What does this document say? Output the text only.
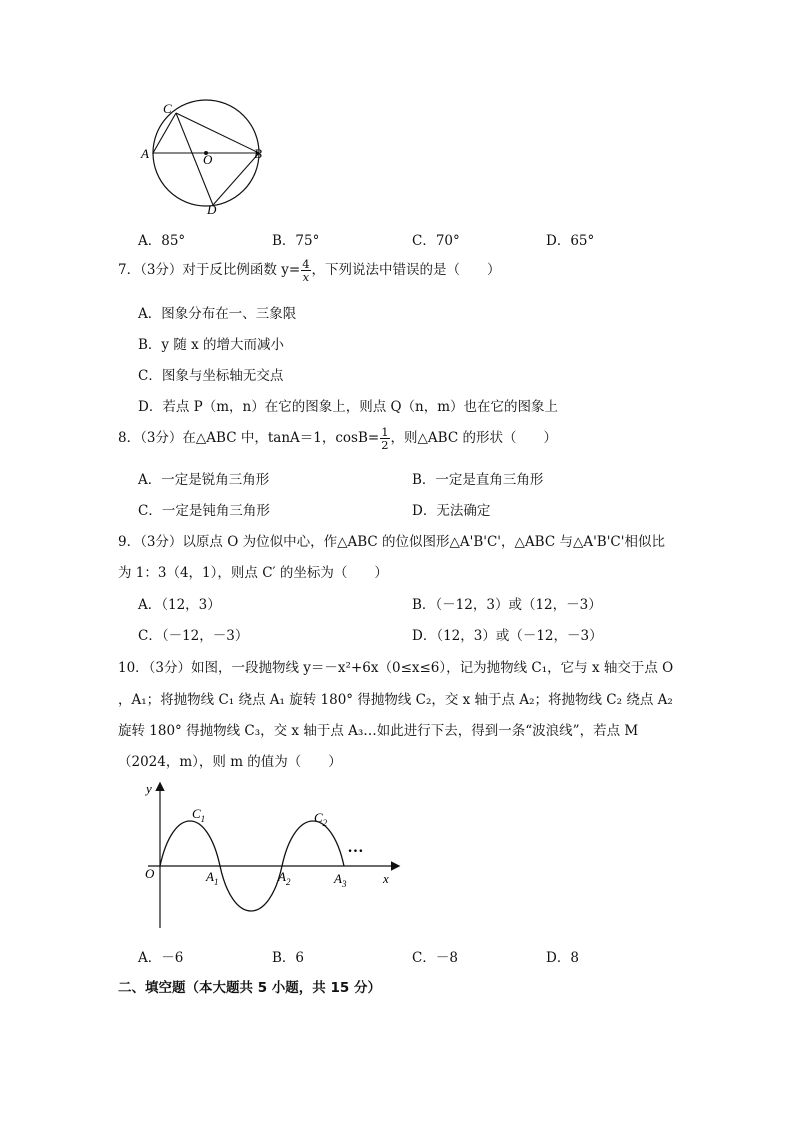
C
A	O	B
D
A．85°	B．75°	C．70°	D．65°
7．（3分）对于反比例函数 $y= \frac{4}{x}$ ，下列说法中错误的是（　　）
A．图象分布在一、三象限
B．y 随 x 的增大而减小
C．图象与坐标轴无交点
D．若点 P（m，n）在它的图象上，则点 Q（n，m）也在它的图象上
8．（3分）在△ABC 中，tanA＝1，$\cos B= \frac{1}{2}$ ，则△ABC 的形状（　　）
A．一定是锐角三角形	B．一定是直角三角形
C．一定是钝角三角形	D．无法确定
9．（3分）以原点 O 为位似中心，作△ABC 的位似图形△A'B'C'，△ABC 与△A'B'C'相似比
为 1：3（4，1），则点 C′ 的坐标为（　　）
A．（12，3）	B．（－12，3）或（12，－3）
C．（－12，－3）	D．（12，3）或（－12，－3）
10．（3分）如图，一段抛物线 y＝－x²+6x（0≤x≤6），记为抛物线 C₁，它与 x 轴交于点 O
，A₁；将抛物线 C₁ 绕点 A₁ 旋转 180° 得抛物线 C₂，交 x 轴于点 A₂；将抛物线 C₂ 绕点 A₂
旋转 180° 得抛物线 C₃，交 x 轴于点 A₃…如此进行下去，得到一条“波浪线”，若点 M
（2024，m），则 m 的值为（　　）
y
x
O
$C_1$	$C_2$
$A_1$	$A_2$	$A_3$
…
A．－6	B．6	C．－8	D．8
二、填空题（本大题共 5 小题，共 15 分）
